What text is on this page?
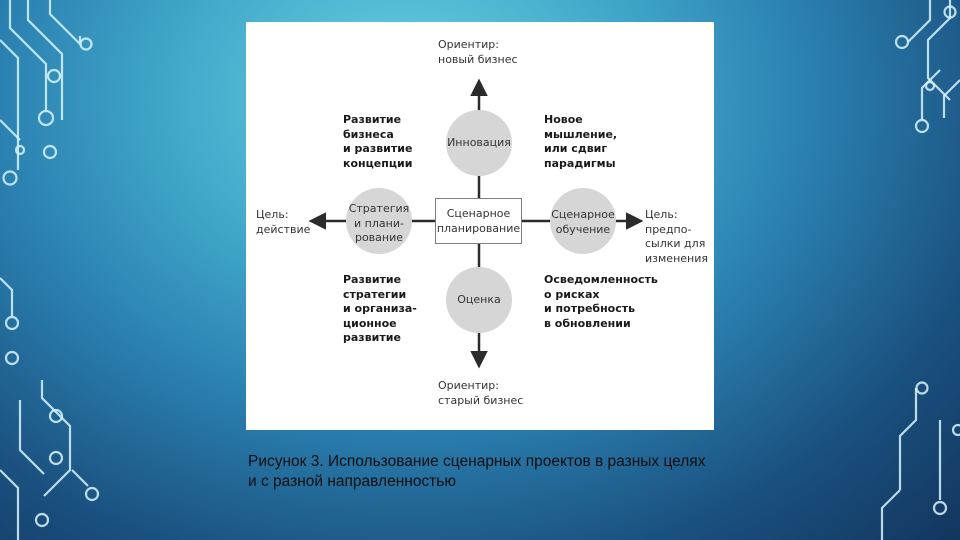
Ориентир:
новый бизнес
Ориентир:
старый бизнес
Цель:
действие
Цель:
предпо-
сылки для
изменения
Сценарное
планирование
Инновация
Стратегия
и плани-
рование
Сценарное
обучение
Оценка
Развитие
бизнеса
и развитие
концепции
Новое
мышление,
или сдвиг
парадигмы
Развитие
стратегии
и организа-
ционное
развитие
Осведомленность
о рисках
и потребность
в обновлении
Рисунок 3. Использование сценарных проектов в разных целях и с разной направленностью
